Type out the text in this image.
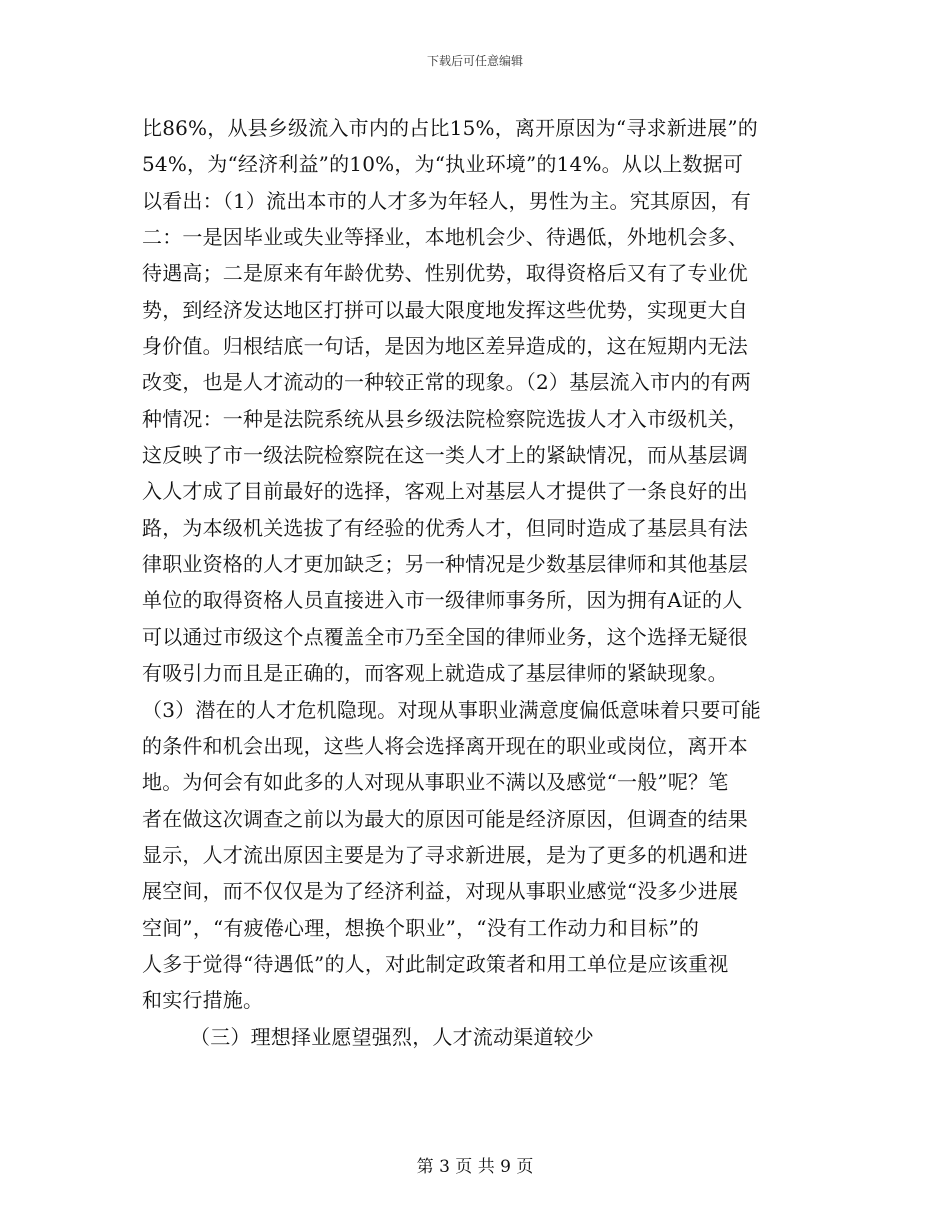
下载后可任意编辑
比86%，从县乡级流入市内的占比15%，离开原因为“寻求新进展”的
54%，为“经济利益”的10%，为“执业环境”的14%。从以上数据可
以看出：（1）流出本市的人才多为年轻人，男性为主。究其原因，有
二：一是因毕业或失业等择业，本地机会少、待遇低，外地机会多、
待遇高；二是原来有年龄优势、性别优势，取得资格后又有了专业优
势，到经济发达地区打拼可以最大限度地发挥这些优势，实现更大自
身价值。归根结底一句话，是因为地区差异造成的，这在短期内无法
改变，也是人才流动的一种较正常的现象。（2）基层流入市内的有两
种情况：一种是法院系统从县乡级法院检察院选拔人才入市级机关，
这反映了市一级法院检察院在这一类人才上的紧缺情况，而从基层调
入人才成了目前最好的选择，客观上对基层人才提供了一条良好的出
路，为本级机关选拔了有经验的优秀人才，但同时造成了基层具有法
律职业资格的人才更加缺乏；另一种情况是少数基层律师和其他基层
单位的取得资格人员直接进入市一级律师事务所，因为拥有A证的人
可以通过市级这个点覆盖全市乃至全国的律师业务，这个选择无疑很
有吸引力而且是正确的，而客观上就造成了基层律师的紧缺现象。
（3）潜在的人才危机隐现。对现从事职业满意度偏低意味着只要可能
的条件和机会出现，这些人将会选择离开现在的职业或岗位，离开本
地。为何会有如此多的人对现从事职业不满以及感觉“一般”呢？笔
者在做这次调查之前以为最大的原因可能是经济原因，但调查的结果
显示，人才流出原因主要是为了寻求新进展，是为了更多的机遇和进
展空间，而不仅仅是为了经济利益，对现从事职业感觉“没多少进展
空间”，“有疲倦心理，想换个职业”，“没有工作动力和目标”的
人多于觉得“待遇低”的人，对此制定政策者和用工单位是应该重视
和实行措施。
（三）理想择业愿望强烈，人才流动渠道较少
第 3 页 共 9 页
